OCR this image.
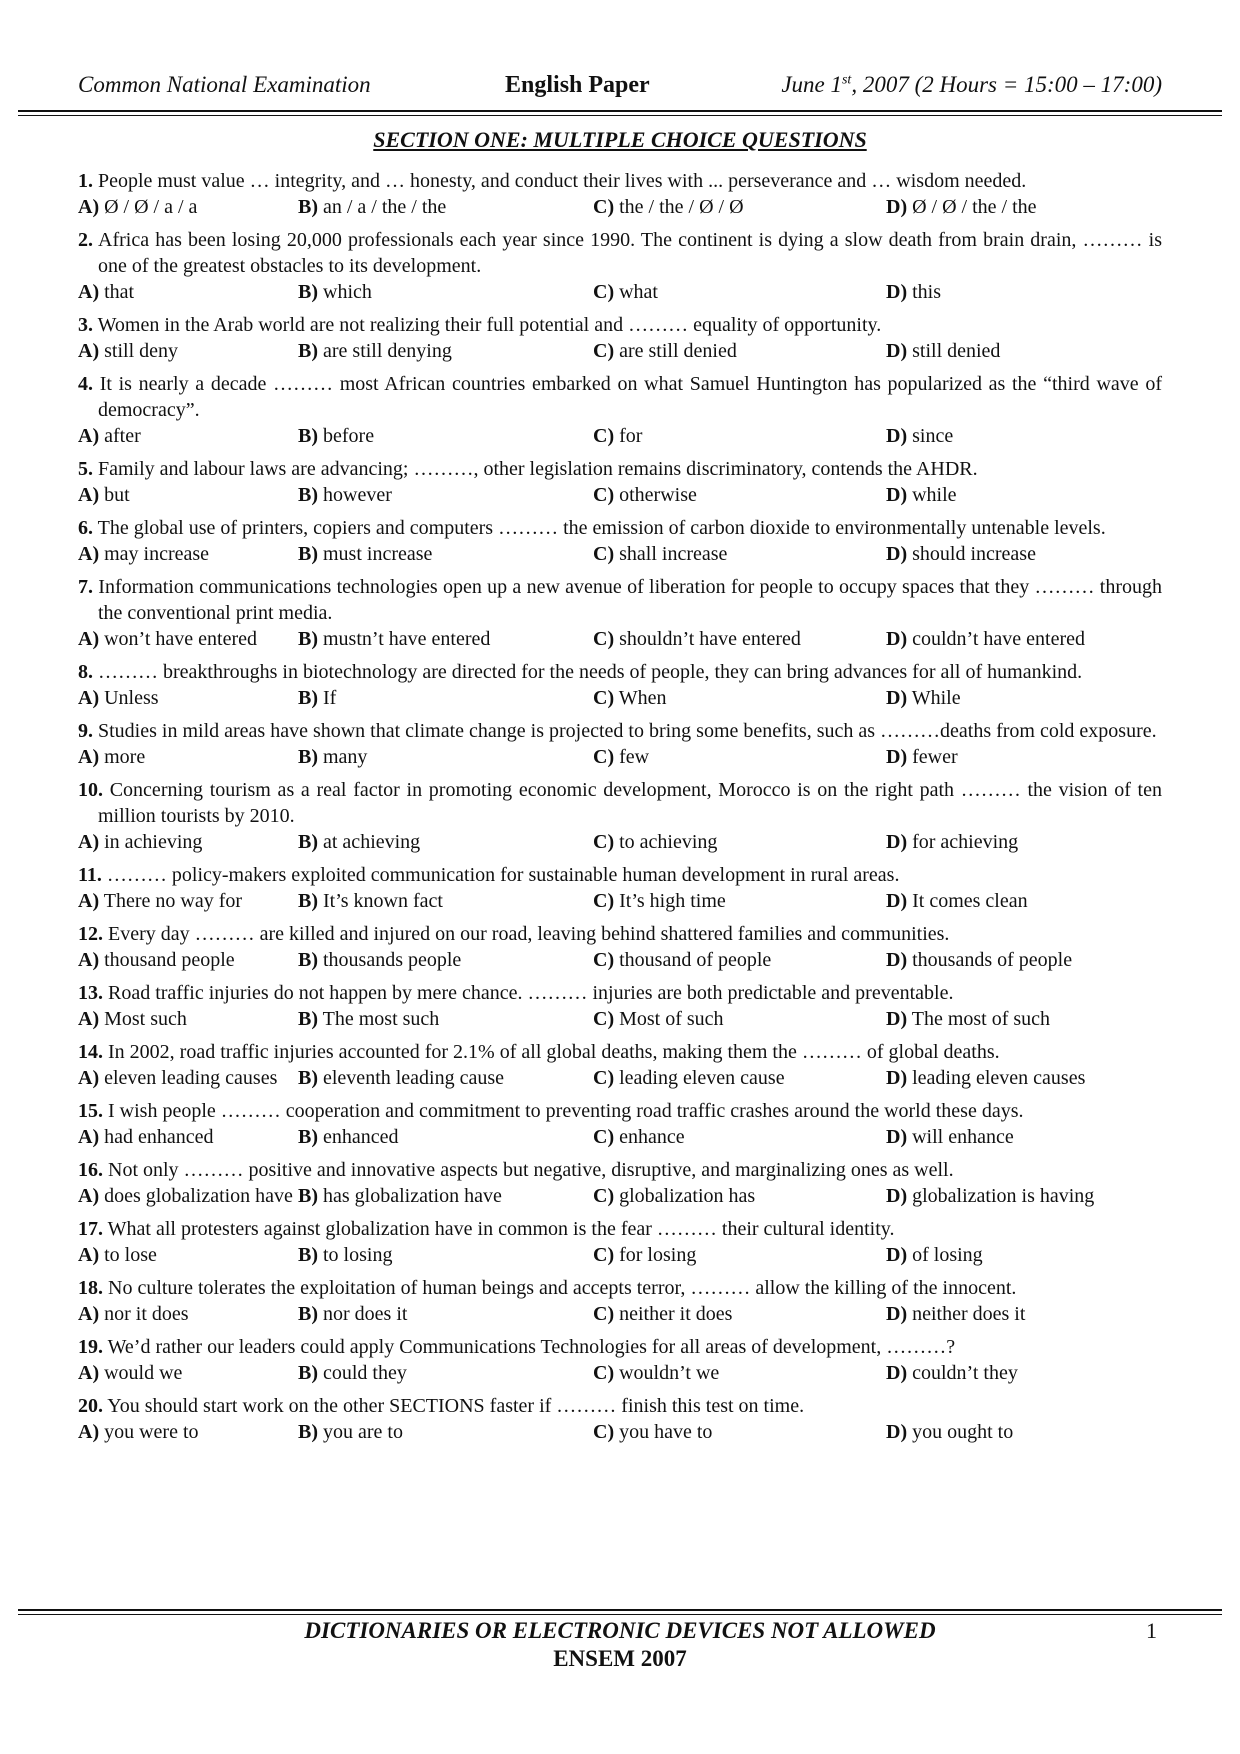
Common National Examination	English Paper	June 1st, 2007 (2 Hours = 15:00 – 17:00)
SECTION ONE: MULTIPLE CHOICE QUESTIONS
1. People must value … integrity, and … honesty, and conduct their lives with ... perseverance and … wisdom needed.
A) Ø / Ø / a / a	B) an / a / the / the	C) the / the / Ø / Ø	D) Ø / Ø / the / the
2. Africa has been losing 20,000 professionals each year since 1990. The continent is dying a slow death from brain drain, ……… is one of the greatest obstacles to its development.
A) that	B) which	C) what	D) this
3. Women in the Arab world are not realizing their full potential and ……… equality of opportunity.
A) still deny	B) are still denying	C) are still denied	D) still denied
4. It is nearly a decade ……… most African countries embarked on what Samuel Huntington has popularized as the “third wave of democracy”.
A) after	B) before	C) for	D) since
5. Family and labour laws are advancing; ………, other legislation remains discriminatory, contends the AHDR.
A) but	B) however	C) otherwise	D) while
6. The global use of printers, copiers and computers ……… the emission of carbon dioxide to environmentally untenable levels.
A) may increase	B) must increase	C) shall increase	D) should increase
7. Information communications technologies open up a new avenue of liberation for people to occupy spaces that they ……… through the conventional print media.
A) won’t have entered B) mustn’t have entered	C) shouldn’t have entered	D) couldn’t have entered
8. ……… breakthroughs in biotechnology are directed for the needs of people, they can bring advances for all of humankind.
A) Unless	B) If	C) When	D) While
9. Studies in mild areas have shown that climate change is projected to bring some benefits, such as ………deaths from cold exposure.
A) more	B) many	C) few	D) fewer
10. Concerning tourism as a real factor in promoting economic development, Morocco is on the right path ……… the vision of ten million tourists by 2010.
A) in achieving	B) at achieving	C) to achieving	D) for achieving
11. ……… policy-makers exploited communication for sustainable human development in rural areas.
A) There no way for	B) It’s known fact	C) It’s high time	D) It comes clean
12. Every day ……… are killed and injured on our road, leaving behind shattered families and communities.
A) thousand people	B) thousands people	C) thousand of people	D) thousands of people
13. Road traffic injuries do not happen by mere chance. ……… injuries are both predictable and preventable.
A) Most such	B) The most such	C) Most of such	D) The most of such
14. In 2002, road traffic injuries accounted for 2.1% of all global deaths, making them the ……… of global deaths.
A) eleven leading causes B) eleventh leading cause	C) leading eleven cause	D) leading eleven causes
15. I wish people ……… cooperation and commitment to preventing road traffic crashes around the world these days.
A) had enhanced	B) enhanced	C) enhance	D) will enhance
16. Not only ……… positive and innovative aspects but negative, disruptive, and marginalizing ones as well.
A) does globalization have B) has globalization have	C) globalization has	D) globalization is having
17. What all protesters against globalization have in common is the fear ……… their cultural identity.
A) to lose	B) to losing	C) for losing	D) of losing
18. No culture tolerates the exploitation of human beings and accepts terror, ……… allow the killing of the innocent.
A) nor it does	B) nor does it	C) neither it does	D) neither does it
19. We’d rather our leaders could apply Communications Technologies for all areas of development, ………?
A) would we	B) could they	C) wouldn’t we	D) couldn’t they
20. You should start work on the other SECTIONS faster if ……… finish this test on time.
A) you were to	B) you are to	C) you have to	D) you ought to
DICTIONARIES OR ELECTRONIC DEVICES NOT ALLOWED
ENSEM 2007
1
